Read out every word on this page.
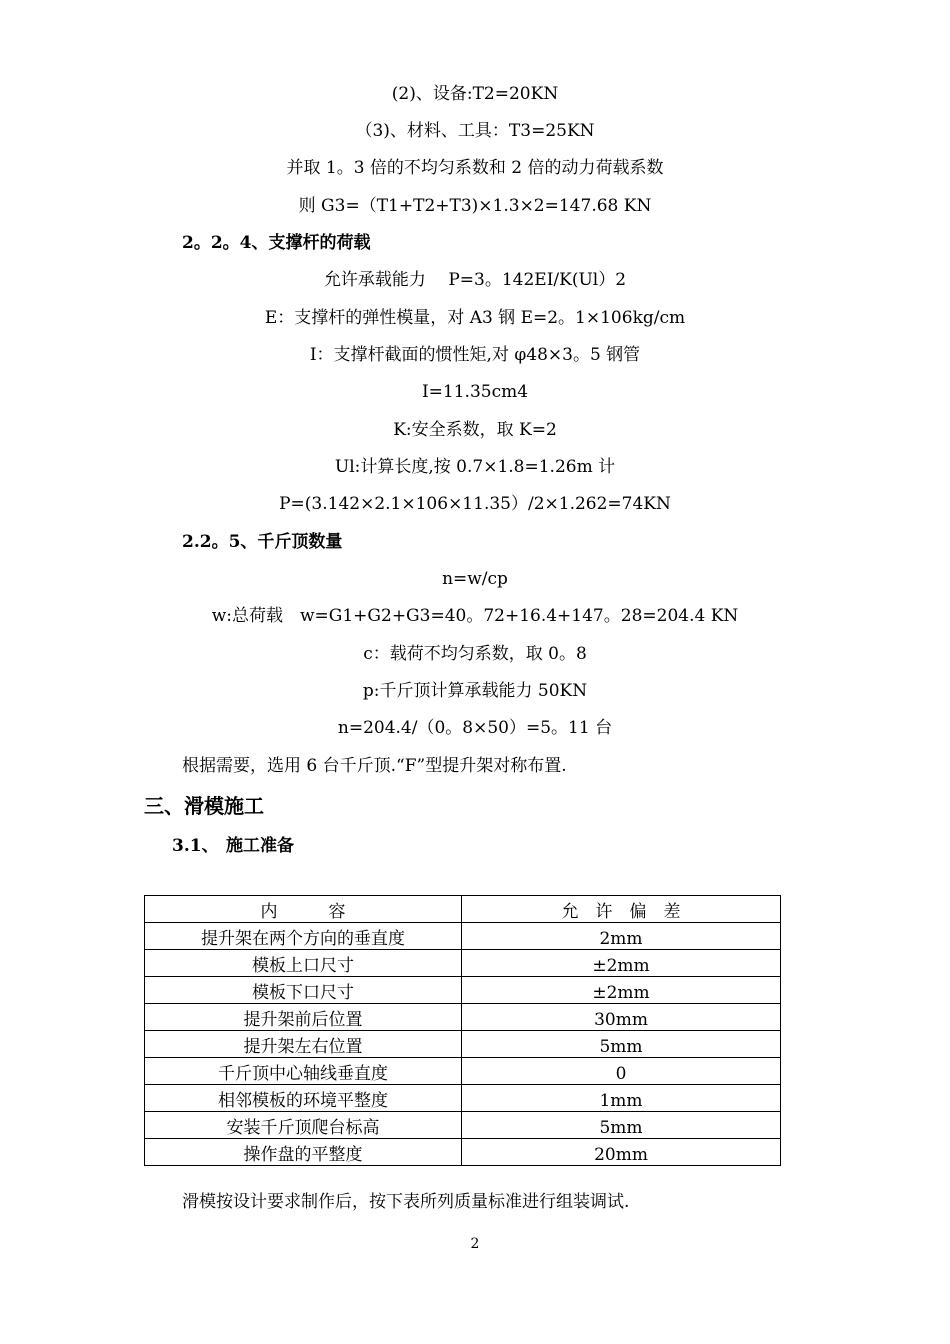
(2)、设备:T2=20KN
（3)、材料、工具：T3=25KN
并取 1。3 倍的不均匀系数和 2 倍的动力荷载系数
则 G3=（T1+T2+T3)×1.3×2=147.68 KN
2。2。4、支撑杆的荷载
允许承载能力　 P=3。142EI/K(Ul）2
E：支撑杆的弹性模量，对 A3 钢 E=2。1×106kg/cm
I：支撑杆截面的惯性矩,对 φ48×3。5 钢管
I=11.35cm4
K:安全系数，取 K=2
Ul:计算长度,按 0.7×1.8=1.26m 计
P=(3.142×2.1×106×11.35）/2×1.262=74KN
2.2。5、千斤顶数量
n=w/cp
w:总荷载　w=G1+G2+G3=40。72+16.4+147。28=204.4 KN
c：载荷不均匀系数，取 0。8
p:千斤顶计算承载能力 50KN
n=204.4/（0。8×50）=5。11 台
根据需要，选用 6 台千斤顶.“F”型提升架对称布置.
三、滑模施工
3.1、 施工准备
内　　　容	允　许　偏　差
提升架在两个方向的垂直度	2mm
模板上口尺寸	±2mm
模板下口尺寸	±2mm
提升架前后位置	30mm
提升架左右位置	5mm
千斤顶中心轴线垂直度	0
相邻模板的环境平整度	1mm
安装千斤顶爬台标高	5mm
操作盘的平整度	20mm
滑模按设计要求制作后，按下表所列质量标准进行组装调试.
2
